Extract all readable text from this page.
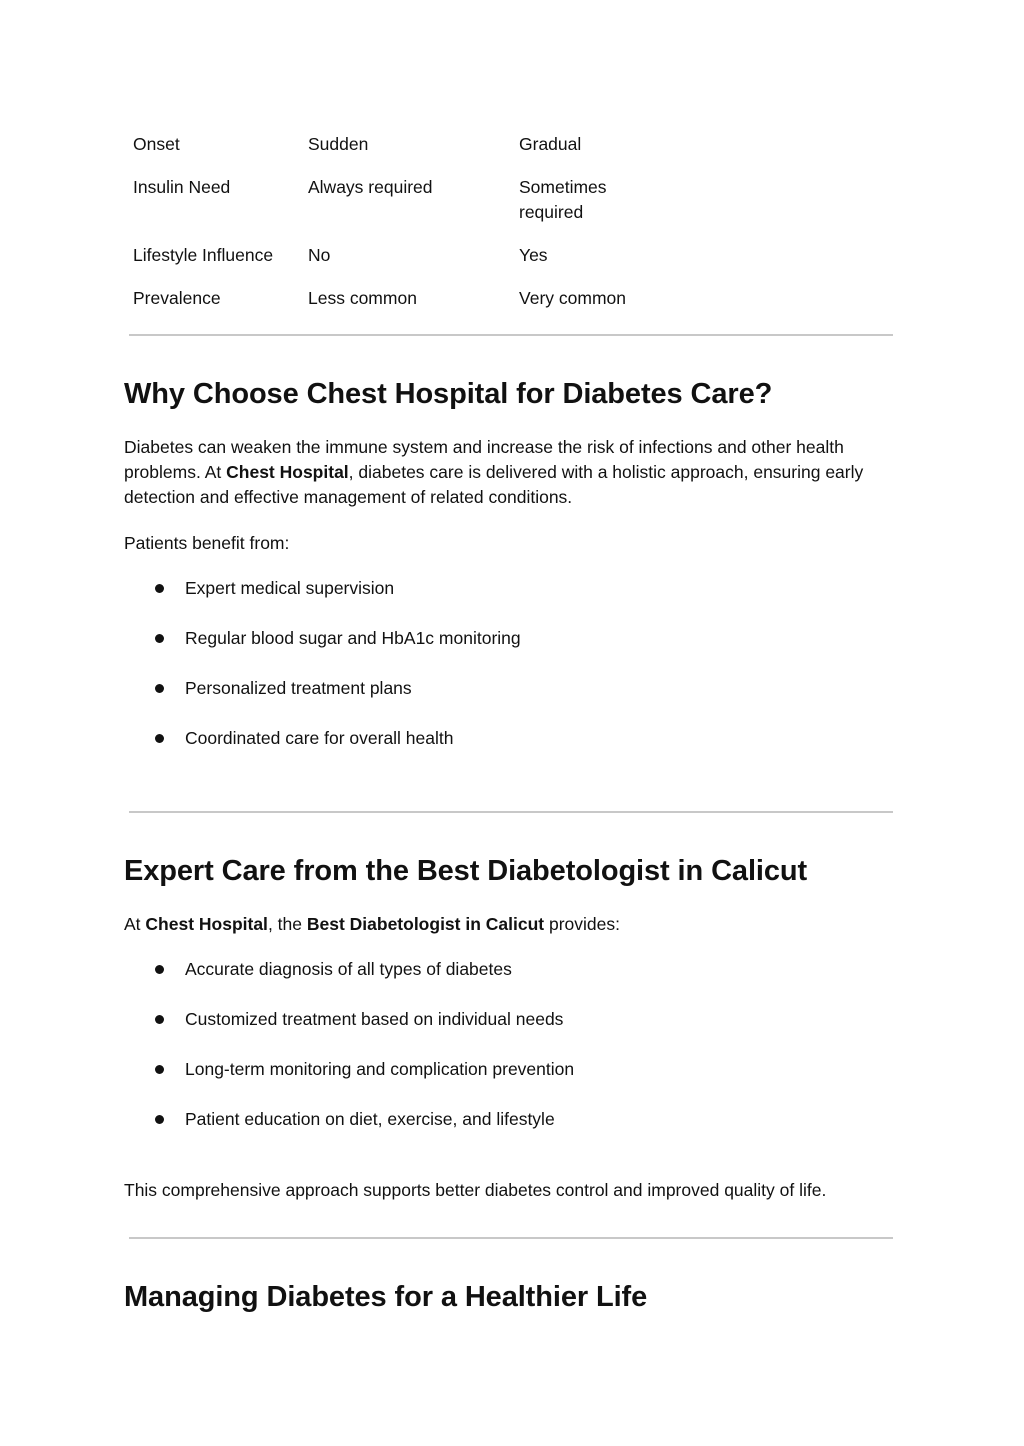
Onset	Sudden	Gradual
Insulin Need	Always required	Sometimes required
Lifestyle Influence	No	Yes
Prevalence	Less common	Very common
Why Choose Chest Hospital for Diabetes Care?

Diabetes can weaken the immune system and increase the risk of infections and other health problems. At Chest Hospital, diabetes care is delivered with a holistic approach, ensuring early detection and effective management of related conditions.

Patients benefit from:

Expert medical supervision
Regular blood sugar and HbA1c monitoring
Personalized treatment plans
Coordinated care for overall health
Expert Care from the Best Diabetologist in Calicut

At Chest Hospital, the Best Diabetologist in Calicut provides:

Accurate diagnosis of all types of diabetes
Customized treatment based on individual needs
Long-term monitoring and complication prevention
Patient education on diet, exercise, and lifestyle

This comprehensive approach supports better diabetes control and improved quality of life.

Managing Diabetes for a Healthier Life
